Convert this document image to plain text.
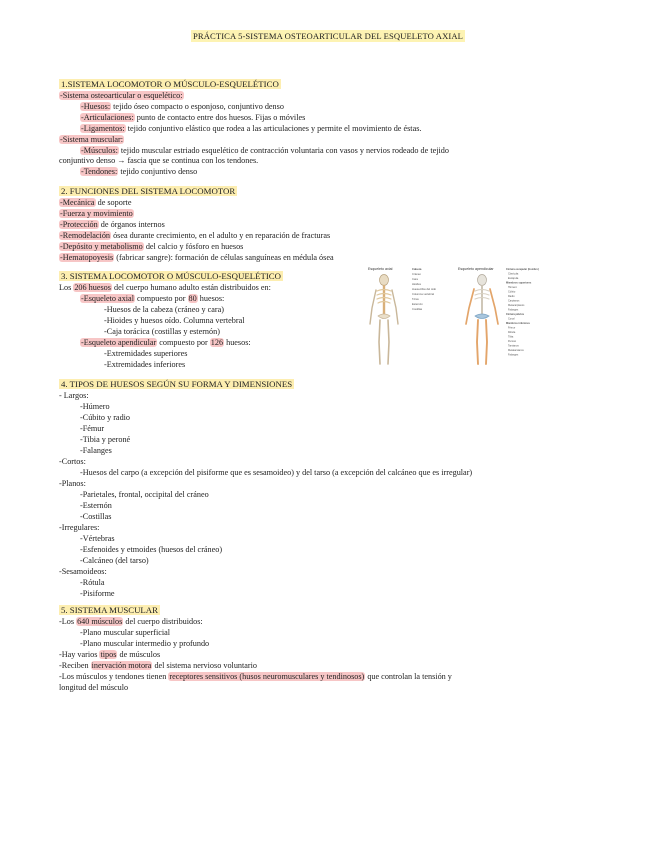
PRÁCTICA 5-SISTEMA OSTEOARTICULAR DEL ESQUELETO AXIAL
1.SISTEMA LOCOMOTOR O MÚSCULO-ESQUELÉTICO
-Sistema osteoarticular o esquelético:
-Huesos: tejido óseo compacto o esponjoso, conjuntivo denso
-Articulaciones: punto de contacto entre dos huesos. Fijas o móviles
-Ligamentos: tejido conjuntivo elástico que rodea a las articulaciones y permite el movimiento de éstas.
-Sistema muscular:
-Músculos: tejido muscular estriado esquelético de contracción voluntaria con vasos y nervios rodeado de tejido
conjuntivo denso → fascia que se continua con los tendones.
-Tendones: tejido conjuntivo denso
2. FUNCIONES DEL SISTEMA LOCOMOTOR
-Mecánica de soporte
-Fuerza y movimiento
-Protección de órganos internos
-Remodelación ósea durante crecimiento, en el adulto y en reparación de fracturas
-Depósito y metabolismo del calcio y fósforo en huesos
-Hematopoyesis (fabricar sangre): formación de células sanguíneas en médula ósea
3. SISTEMA LOCOMOTOR O MÚSCULO-ESQUELÉTICO
Los 206 huesos del cuerpo humano adulto están distribuidos en:
-Esqueleto axial compuesto por 80 huesos:
-Huesos de la cabeza (cráneo y cara)
-Hioides y huesos oído. Columna vertebral
-Caja torácica (costillas y esternón)
-Esqueleto apendicular compuesto por 126 huesos:
-Extremidades superiores
-Extremidades inferiores
Esqueleto axial	Esqueleto apendicular
Cabeza
Cráneo
Cara
Hioides
Huesecillos del oído
Columna vertebral
Tórax
Esternón
Costillas
Cintura escapular (hombro)
Clavícula
Escápula
Miembros superiores
Húmero
Cúbito
Radio
Carpianos
Metacarpianos
Falanges
Cintura pélvica
Coxal
Miembros inferiores
Fémur
Rótula
Tibia
Peroné
Tarsianos
Metatarsianos
Falanges
4. TIPOS DE HUESOS SEGÚN SU FORMA Y DIMENSIONES
- Largos:
-Húmero
-Cúbito y radio
-Fémur
-Tibia y peroné
-Falanges
-Cortos:
-Huesos del carpo (a excepción del pisiforme que es sesamoideo) y del tarso (a excepción del calcáneo que es irregular)
-Planos:
-Parietales, frontal, occipital del cráneo
-Esternón
-Costillas
-Irregulares:
-Vértebras
-Esfenoides y etmoides (huesos del cráneo)
-Calcáneo (del tarso)
-Sesamoideos:
-Rótula
-Pisiforme
5. SISTEMA MUSCULAR
-Los 640 músculos del cuerpo distribuidos:
-Plano muscular superficial
-Plano muscular intermedio y profundo
-Hay varios tipos de músculos
-Reciben inervación motora del sistema nervioso voluntario
-Los músculos y tendones tienen receptores sensitivos (husos neuromusculares y tendinosos) que controlan la tensión y
longitud del músculo
